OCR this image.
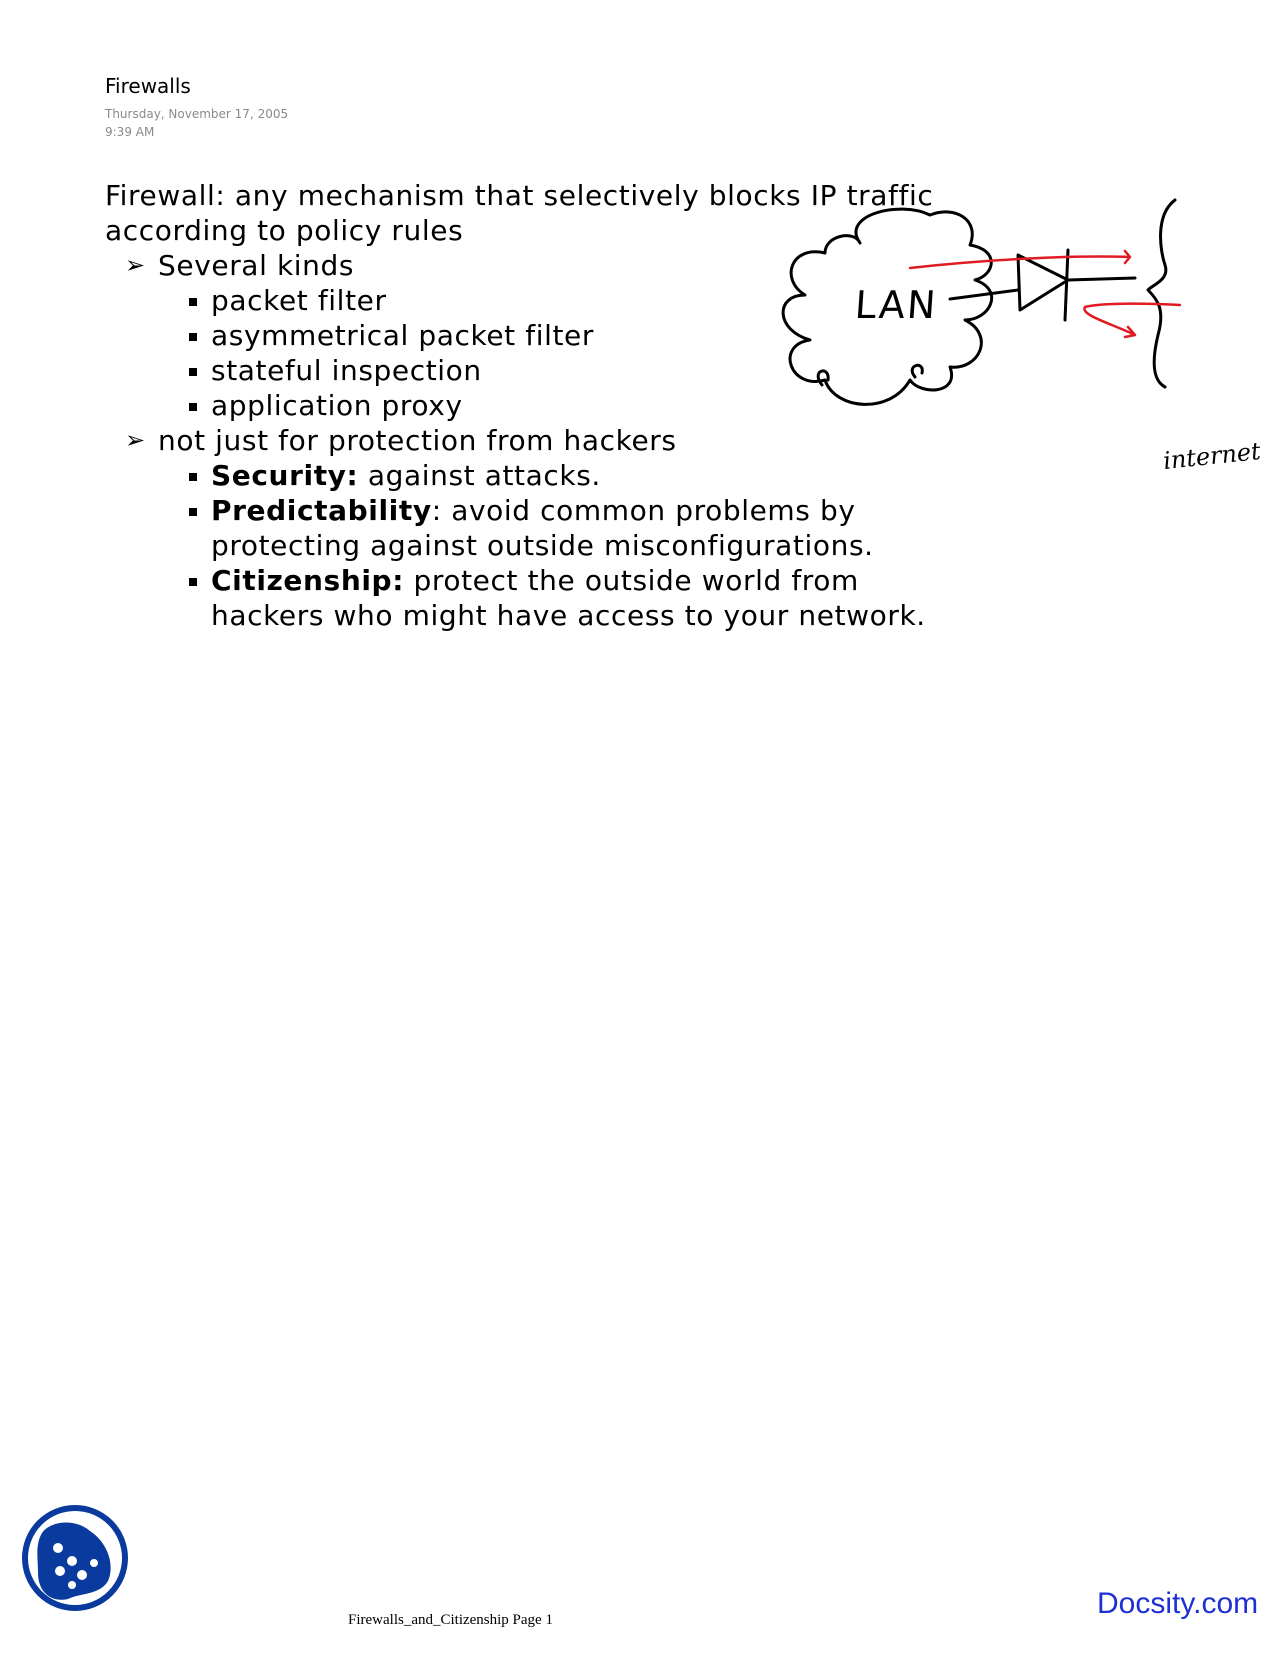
Firewalls
Thursday, November 17, 2005
9:39 AM

Firewall: any mechanism that selectively blocks IP traffic

according to policy rules

➢ Several kinds

packet filter

asymmetrical packet filter

stateful inspection

application proxy

➢ not just for protection from hackers

Security: against attacks.

Predictability: avoid common problems by
protecting against outside misconfigurations.

Citizenship: protect the outside world from
hackers who might have access to your network.

LAN
internet
Firewalls_and_Citizenship Page 1	Docsity.com
